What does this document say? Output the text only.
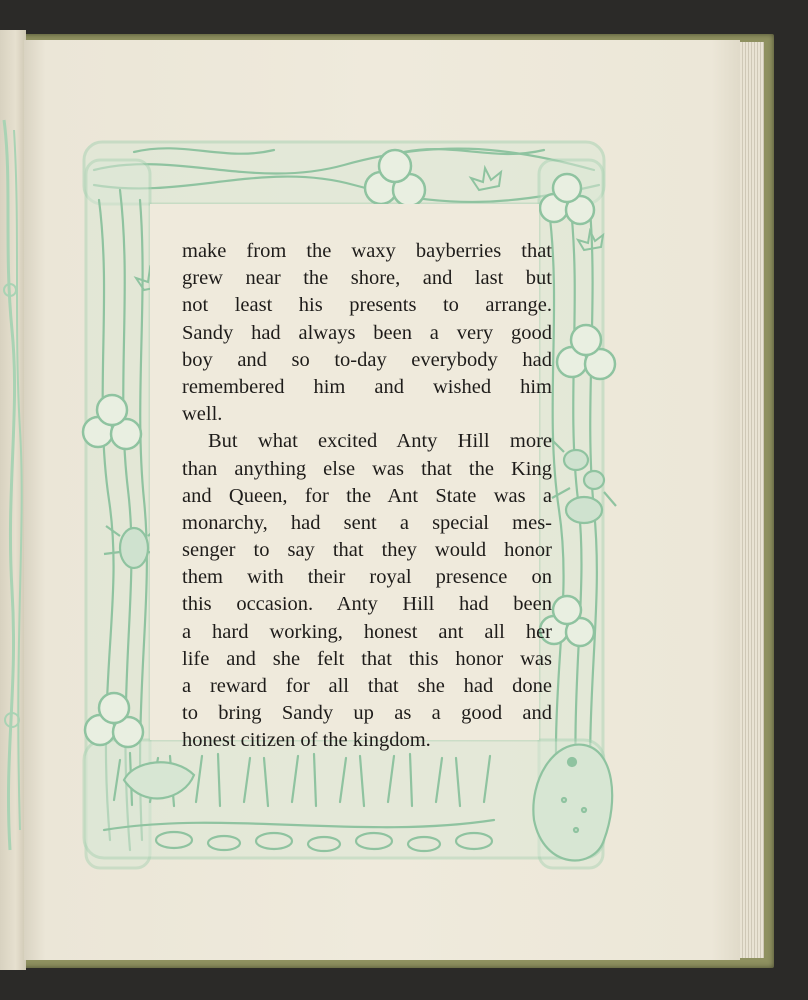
make from the waxy bayberries that
grew near the shore, and last but
not least his presents to arrange.
Sandy had always been a very good
boy and so to-day everybody had
remembered him and wished him
well.
But what excited Anty Hill more
than anything else was that the King
and Queen, for the Ant State was a
monarchy, had sent a special mes-
senger to say that they would honor
them with their royal presence on
this occasion. Anty Hill had been
a hard working, honest ant all her
life and she felt that this honor was
a reward for all that she had done
to bring Sandy up as a good and
honest citizen of the kingdom.
